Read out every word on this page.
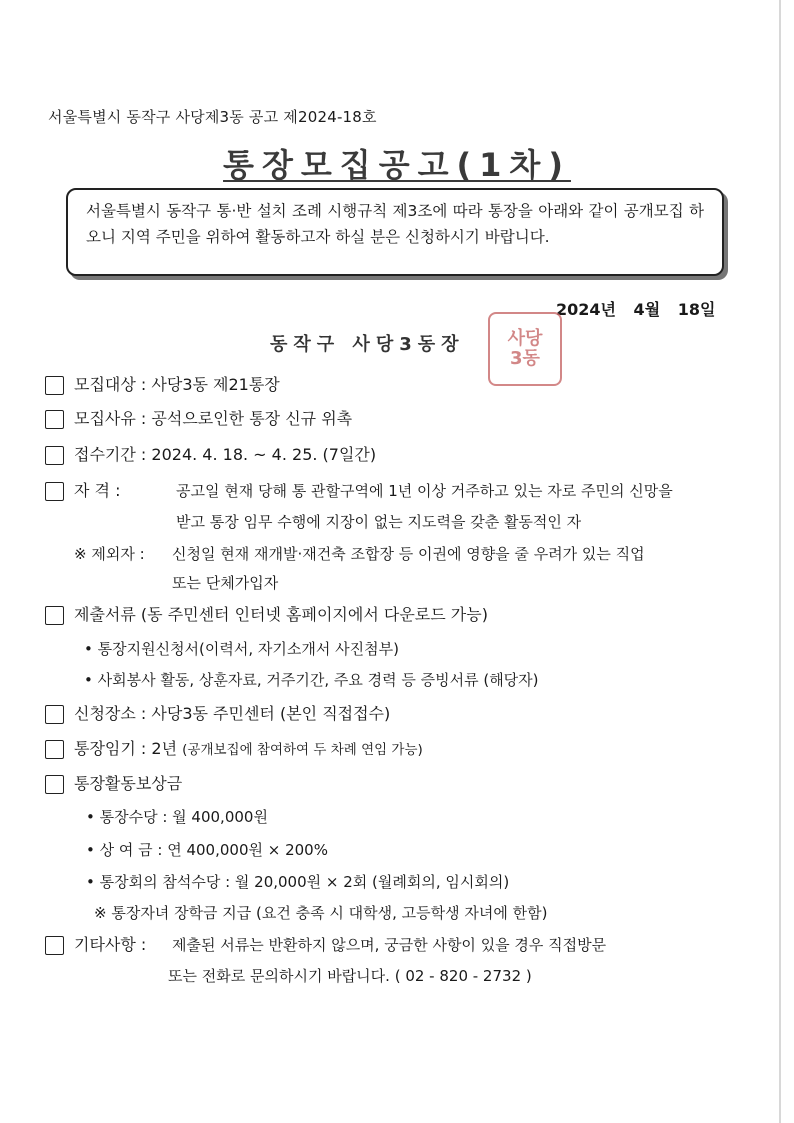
서울특별시 동작구 사당제3동 공고 제2024-18호
통장모집공고(1차)

서울특별시 동작구 통·반 설치 조례 시행규칙 제3조에 따라 통장을 아래와 같이 공개모집 하오니 지역 주민을 위하여 활동하고자 하실 분은 신청하시기 바랍니다.

2024년 4월 18일
동작구 사당3동장	사당
3동
모집대상 : 사당3동 제21통장
모집사유 : 공석으로인한 통장 신규 위촉
접수기간 : 2024. 4. 18. ~ 4. 25. (7일간)
자 격 :	공고일 현재 당해 통 관할구역에 1년 이상 거주하고 있는 자로 주민의 신망을
받고 통장 임무 수행에 지장이 없는 지도력을 갖춘 활동적인 자
※ 제외자 : 신청일 현재 재개발·재건축 조합장 등 이권에 영향을 줄 우려가 있는 직업
또는 단체가입자
제출서류 (동 주민센터 인터넷 홈페이지에서 다운로드 가능)
• 통장지원신청서(이력서, 자기소개서 사진첨부)
• 사회봉사 활동, 상훈자료, 거주기간, 주요 경력 등 증빙서류 (해당자)
신청장소 : 사당3동 주민센터 (본인 직접접수)
통장임기 : 2년 (공개보집에 참여하여 두 차례 연임 가능)
통장활동보상금
• 통장수당 : 월 400,000원
• 상 여 금 : 연 400,000원 × 200%
• 통장회의 참석수당 : 월 20,000원 × 2회 (월례회의, 임시회의)
※ 통장자녀 장학금 지급 (요건 충족 시 대학생, 고등학생 자녀에 한함)
기타사항 : 제출된 서류는 반환하지 않으며, 궁금한 사항이 있을 경우 직접방문
또는 전화로 문의하시기 바랍니다. ( 02 - 820 - 2732 )
